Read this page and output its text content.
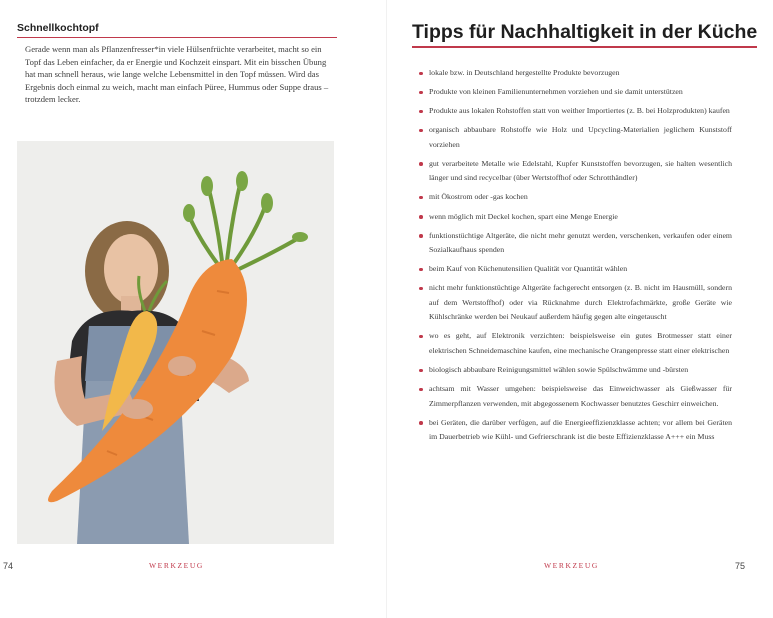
Schnellkochtopf

Gerade wenn man als Pflanzenfresser*in viele Hülsenfrüchte verarbeitet, macht so ein Topf das Leben einfacher, da er Energie und Kochzeit einspart. Mit ein bisschen Übung hat man schnell heraus, wie lange welche Lebensmittel in den Topf müssen. Wird das Ergebnis doch einmal zu weich, macht man einfach Püree, Hummus oder Suppe draus – trotzdem lecker.

74	WERKZEUG
Tipps für Nachhaltigkeit in der Küche
lokale bzw. in Deutschland hergestellte Produkte bevorzugen
Produkte von kleinen Familienunternehmen vorziehen und sie damit unterstützen
Produkte aus lokalen Rohstoffen statt von weither Importiertes (z. B. bei Holzprodukten) kaufen
organisch abbaubare Rohstoffe wie Holz und Upcycling-Materialien jeglichem Kunststoff vorziehen
gut verarbeitete Metalle wie Edelstahl, Kupfer Kunststoffen bevorzugen, sie halten wesentlich länger und sind recycelbar (über Wertstoffhof oder Schrotthändler)
mit Ökostrom oder -gas kochen
wenn möglich mit Deckel kochen, spart eine Menge Energie
funktionstüchtige Altgeräte, die nicht mehr genutzt werden, verschenken, verkaufen oder einem Sozialkaufhaus spenden
beim Kauf von Küchenutensilien Qualität vor Quantität wählen
nicht mehr funktionstüchtige Altgeräte fachgerecht entsorgen (z. B. nicht im Hausmüll, sondern auf dem Wertstoffhof) oder via Rücknahme durch Elektrofachmärkte, große Geräte wie Kühlschränke werden bei Neukauf außerdem häufig gegen alte eingetauscht
wo es geht, auf Elektronik verzichten: beispielsweise ein gutes Brotmesser statt einer elektrischen Schneidemaschine kaufen, eine mechanische Orangenpresse statt einer elektrischen
biologisch abbaubare Reinigungsmittel wählen sowie Spülschwämme und -bürsten
achtsam mit Wasser umgehen: beispielsweise das Einweichwasser als Gießwasser für Zimmerpflanzen verwenden, mit abgegossenem Kochwasser benutztes Geschirr einweichen.
bei Geräten, die darüber verfügen, auf die Energieeffizienzklasse achten; vor allem bei Geräten im Dauerbetrieb wie Kühl- und Gefrierschrank ist die beste Effizienzklasse A+++ ein Muss
WERKZEUG	75
